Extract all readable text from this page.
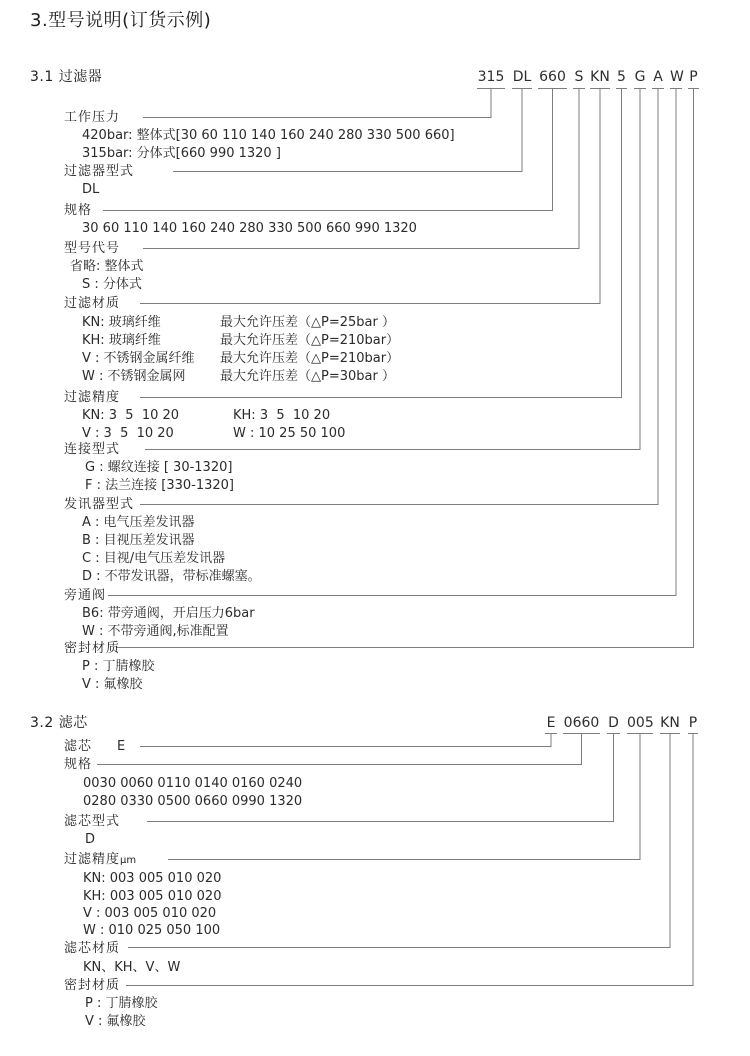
3.型号说明(订货示例)
3.1 过滤器	315 DL 660 S KN 5 G A W P
工作压力
420bar: 整体式[30 60 110 140 160 240 280 330 500 660]
315bar: 分体式[660 990 1320 ]
过滤器型式
DL
规格
30 60 110 140 160 240 280 330 500 660 990 1320
型号代号
省略: 整体式
S : 分体式
过滤材质
KN: 玻璃纤维	最大允许压差（△P=25bar ）
KH: 玻璃纤维	最大允许压差（△P=210bar）
V : 不锈钢金属纤维 最大允许压差（△P=210bar）
W : 不锈钢金属网	最大允许压差（△P=30bar ）
过滤精度
KN: 3  5  10 20	KH: 3  5  10 20
V : 3  5  10 20	W : 10 25 50 100
连接型式
G : 螺纹连接 [ 30-1320]
F : 法兰连接 [330-1320]
发讯器型式
A : 电气压差发讯器
B : 目视压差发讯器
C : 目视/电气压差发讯器
D : 不带发讯器，带标准螺塞。
旁通阀
B6: 带旁通阀，开启压力6bar
W : 不带旁通阀,标准配置
密封材质
P : 丁腈橡胶
V : 氟橡胶
3.2 滤芯	E 0660 D 005 KN P
滤芯 E
规格
0030 0060 0110 0140 0160 0240
0280 0330 0500 0660 0990 1320
滤芯型式
D
过滤精度μm
KN: 003 005 010 020
KH: 003 005 010 020
V : 003 005 010 020
W : 010 025 050 100
滤芯材质
KN、KH、V、W
密封材质
P : 丁腈橡胶
V : 氟橡胶
